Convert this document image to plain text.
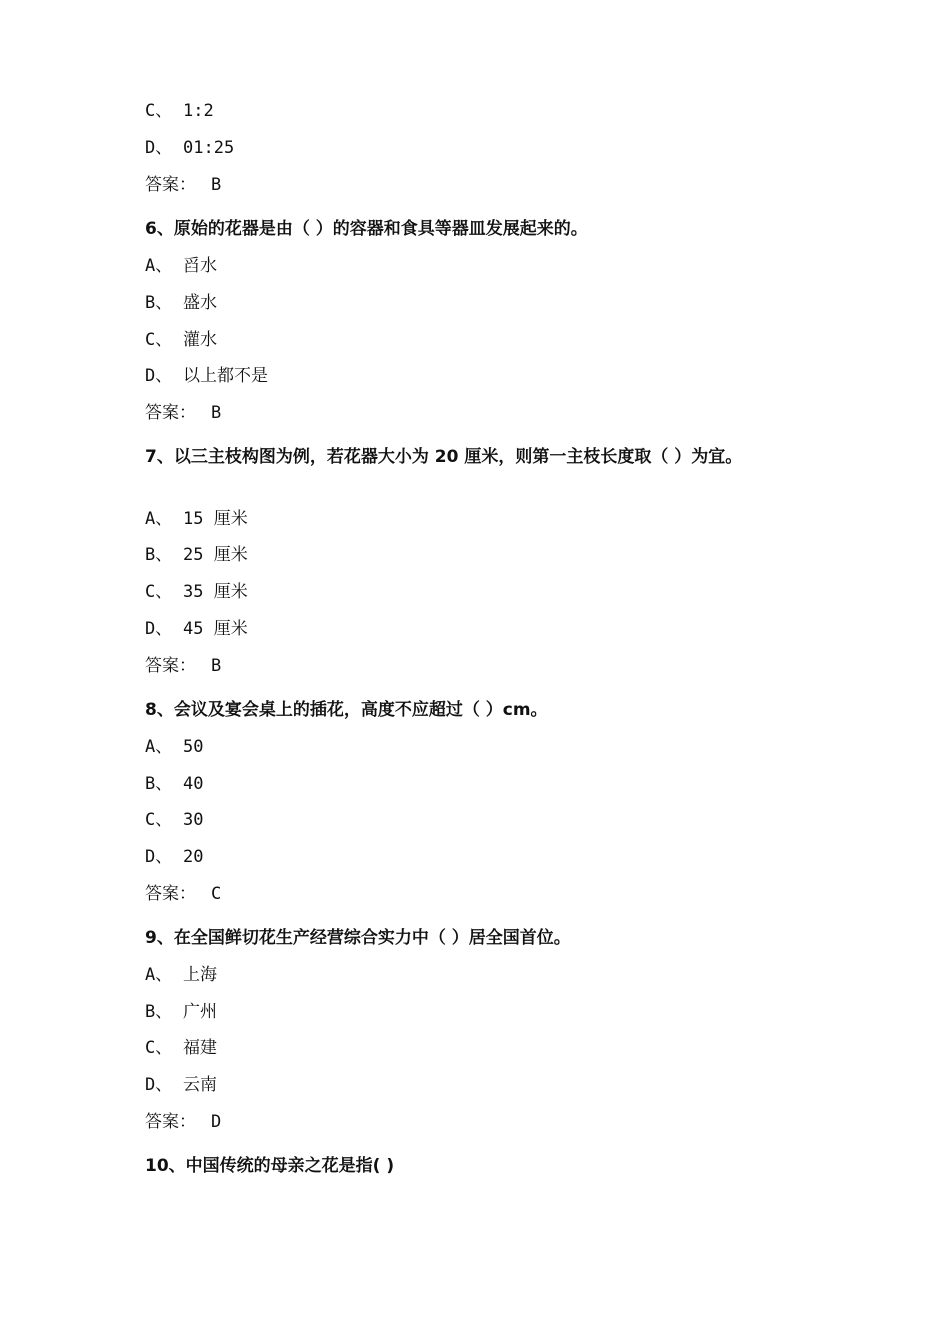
C、 1:2
D、 01:25
答案： B
6、原始的花器是由（ ）的容器和食具等器皿发展起来的。
A、 舀水
B、 盛水
C、 灌水
D、 以上都不是
答案： B
7、以三主枝构图为例，若花器大小为 20 厘米，则第一主枝长度取（ ）为宜。
A、 15 厘米
B、 25 厘米
C、 35 厘米
D、 45 厘米
答案： B
8、会议及宴会桌上的插花，高度不应超过（ ）cm。
A、 50
B、 40
C、 30
D、 20
答案： C
9、在全国鲜切花生产经营综合实力中（ ）居全国首位。
A、 上海
B、 广州
C、 福建
D、 云南
答案： D
10、中国传统的母亲之花是指( )
